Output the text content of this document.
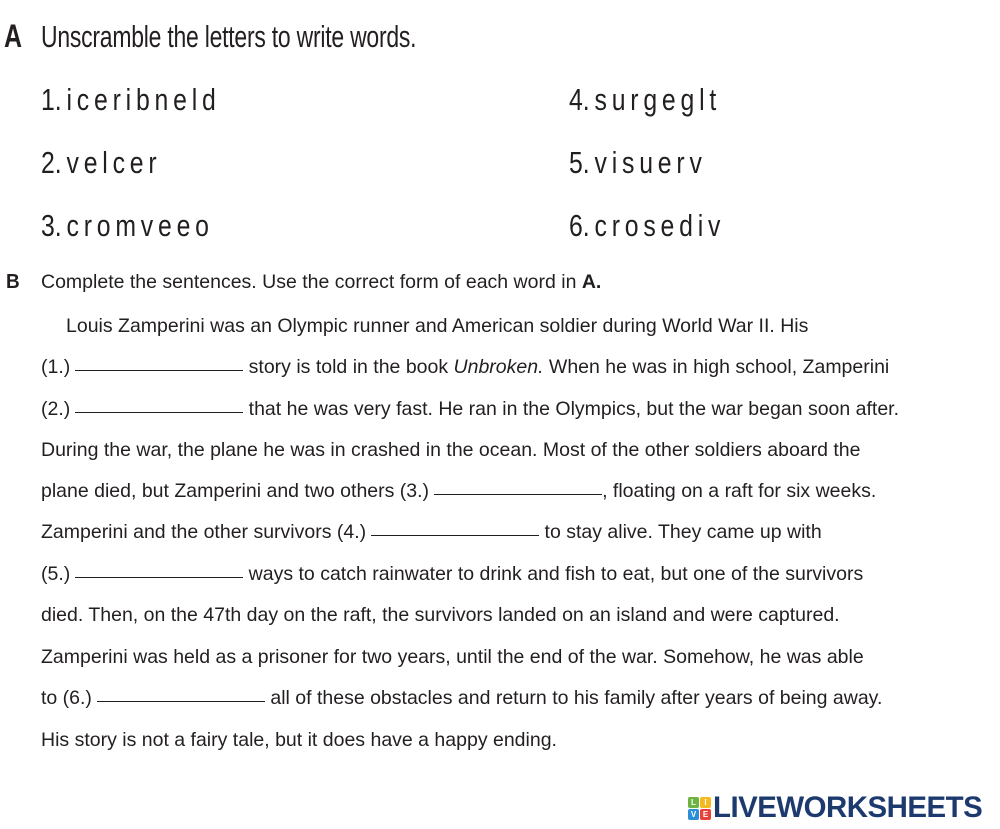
A Unscramble the letters to write words.
1. iceribneld
2. velcer
3. cromveeo
4. surgeglt
5. visuerv
6. crosediv
B Complete the sentences. Use the correct form of each word in A.
Louis Zamperini was an Olympic runner and American soldier during World War II. His
(1.)	story is told in the book Unbroken. When he was in high school, Zamperini
(2.)	that he was very fast. He ran in the Olympics, but the war began soon after.
During the war, the plane he was in crashed in the ocean. Most of the other soldiers aboard the
plane died, but Zamperini and two others (3.)	, floating on a raft for six weeks.
Zamperini and the other survivors (4.)	to stay alive. They came up with
(5.)	ways to catch rainwater to drink and fish to eat, but one of the survivors
died. Then, on the 47th day on the raft, the survivors landed on an island and were captured.
Zamperini was held as a prisoner for two years, until the end of the war. Somehow, he was able
to (6.)	all of these obstacles and return to his family after years of being away.
His story is not a fairy tale, but it does have a happy ending.
L	I
V E LIVEWORKSHEETS
